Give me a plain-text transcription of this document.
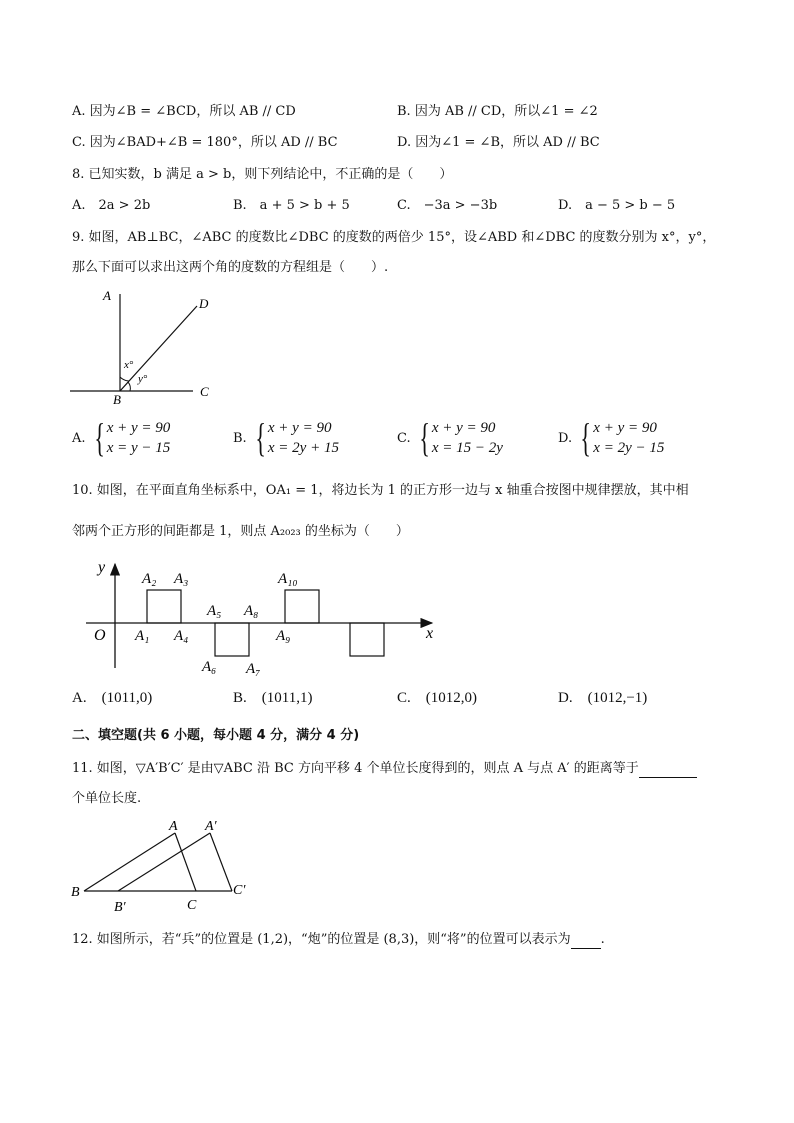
A. 因为∠B = ∠BCD，所以 AB // CD	B. 因为 AB // CD，所以∠1 = ∠2
C. 因为∠BAD+∠B = 180°，所以 AD // BC	D. 因为∠1 = ∠B，所以 AD // BC
8. 已知实数，b 满足 a > b，则下列结论中，不正确的是（　　）
A.　2a > 2b	B.　a + 5 > b + 5	C.　−3a > −3b	D.　a − 5 > b − 5
9. 如图，AB⊥BC，∠ABC 的度数比∠DBC 的度数的两倍少 15°，设∠ABD 和∠DBC 的度数分别为 x°，y°，
那么下面可以求出这两个角的度数的方程组是（　　）.
A
D
C
B
x°
y°
A. { x + y = 90
x = y − 15
B. { x + y = 90
x = 2y + 15
C. { x + y = 90
x = 15 − 2y
D. { x + y = 90
x = 2y − 15
10. 如图，在平面直角坐标系中，OA₁ = 1，将边长为 1 的正方形一边与 x 轴重合按图中规律摆放，其中相
邻两个正方形的间距都是 1，则点 A₂₀₂₃ 的坐标为（　　）
y
x
O A₁
A₂ A₃
A₄
A₅
A₆ A₇
A₈
A₉
A₁₀
A.　(1011,0)	B.　(1011,1)	C.　(1012,0)	D.　(1012,−1)
二、填空题(共 6 小题，每小题 4 分，满分 4 分)
11. 如图，▽A′B′C′ 是由▽ABC 沿 BC 方向平移 4 个单位长度得到的，则点 A 与点 A′ 的距离等于
个单位长度.
A A′
B
B′	C
C′
12. 如图所示，若“兵”的位置是 (1,2)，“炮”的位置是 (8,3)，则“将”的位置可以表示为 .
